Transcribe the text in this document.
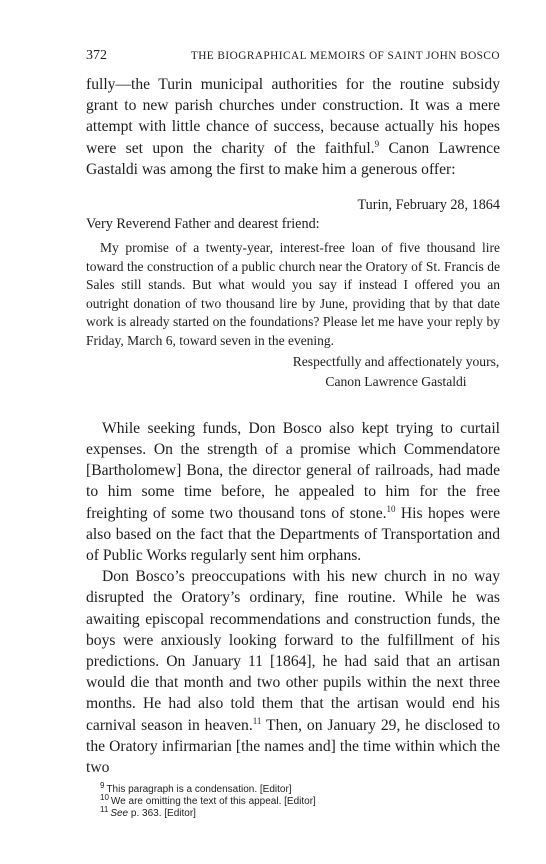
372	THE BIOGRAPHICAL MEMOIRS OF SAINT JOHN BOSCO

fully—the Turin municipal authorities for the routine subsidy grant to new parish churches under construction. It was a mere attempt with little chance of success, because actually his hopes were set upon the charity of the faithful.$^9$ Canon Lawrence Gastaldi was among the first to make him a generous offer:

Turin, February 28, 1864
Very Reverend Father and dearest friend:
My promise of a twenty-year, interest-free loan of five thousand lire toward the construction of a public church near the Oratory of St. Francis de Sales still stands. But what would you say if instead I offered you an outright donation of two thousand lire by June, providing that by that date work is already started on the foundations? Please let me have your reply by Friday, March 6, toward seven in the evening.
Respectfully and affectionately yours,
Canon Lawrence Gastaldi

While seeking funds, Don Bosco also kept trying to curtail expenses. On the strength of a promise which Commendatore [Bartholomew] Bona, the director general of railroads, had made to him some time before, he appealed to him for the free freighting of some two thousand tons of stone.$^{10}$ His hopes were also based on the fact that the Departments of Transportation and of Public Works regularly sent him orphans.

Don Bosco’s preoccupations with his new church in no way disrupted the Oratory’s ordinary, fine routine. While he was awaiting episcopal recommendations and construction funds, the boys were anxiously looking forward to the fulfillment of his predictions. On January 11 [1864], he had said that an artisan would die that month and two other pupils within the next three months. He had also told them that the artisan would end his carnival season in heaven.$^{11}$ Then, on January 29, he disclosed to the Oratory infirmarian [the names and] the time within which the two

$^9$ This paragraph is a condensation. [Editor]
$^{10}$ We are omitting the text of this appeal. [Editor]
$^{11}$ See p. 363. [Editor]
